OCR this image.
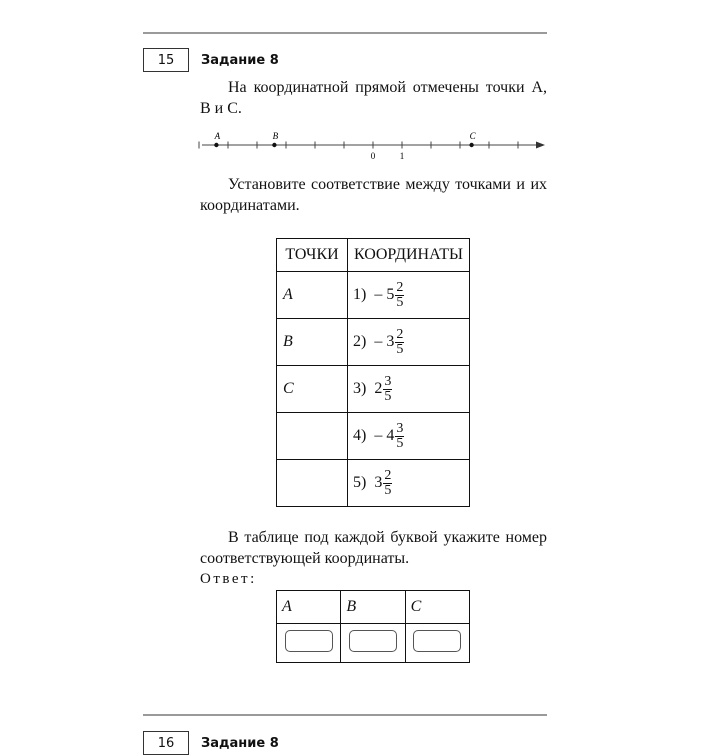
15 Задание 8

На координатной прямой отмечены точки A, B и C.

A	B	C
0	1

Установите соответствие между точками и их координатами.

ТОЧКИ	КООРДИНАТЫ
A	$1) - 5 \frac{2}{5}$

B	$2) - 3 \frac{2}{5}$

C	3) $2 \frac{3}{5}$

	$4) - 4 \frac{3}{5}$

	5) $3 \frac{2}{5}$

В таблице под каждой буквой укажите номер соответствующей координаты.

Ответ:
A	B	C

16 Задание 8
